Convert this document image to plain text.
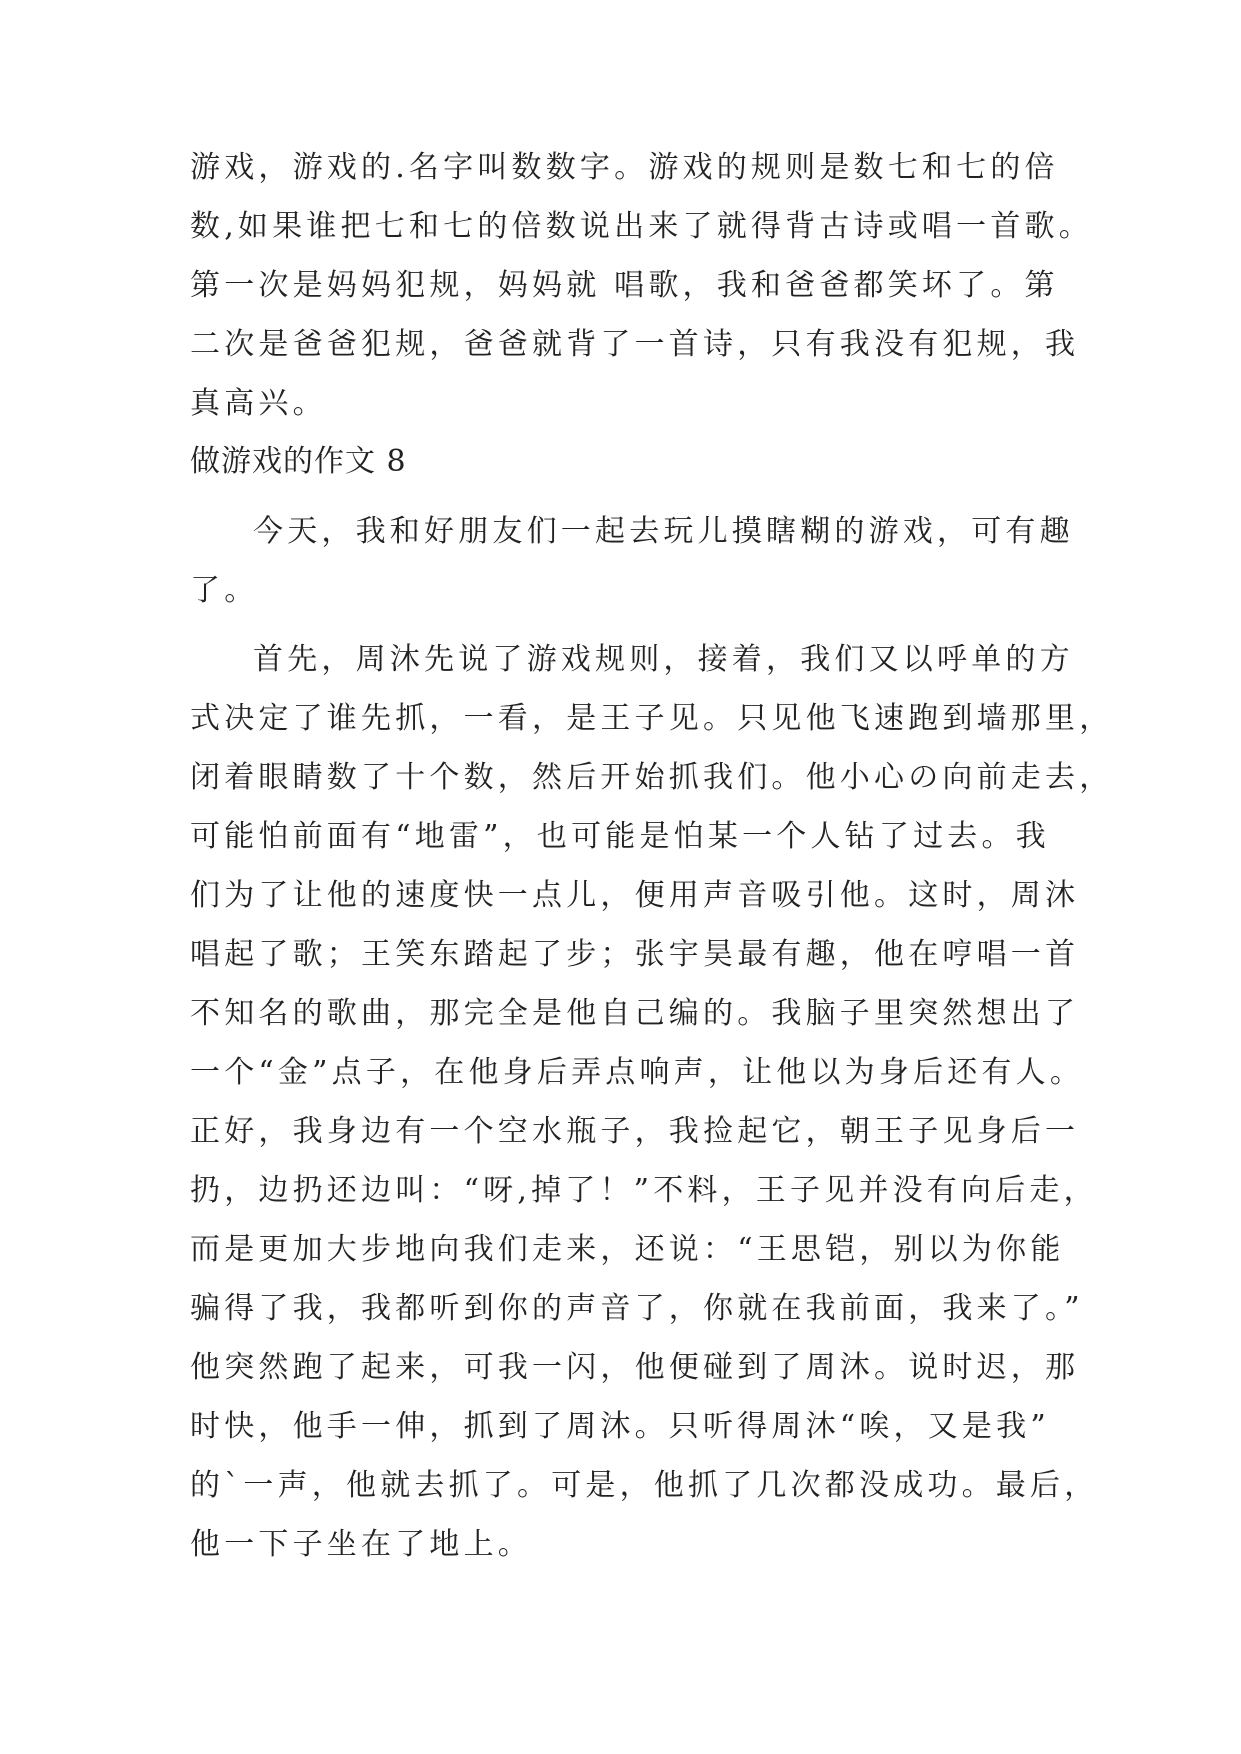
游戏，游戏的.名字叫数数字。游戏的规则是数七和七的倍
数,如果谁把七和七的倍数说出来了就得背古诗或唱一首歌。
第一次是妈妈犯规，妈妈就 唱歌，我和爸爸都笑坏了。第
二次是爸爸犯规，爸爸就背了一首诗，只有我没有犯规，我
真高兴。
做游戏的作文 8
今天，我和好朋友们一起去玩儿摸瞎糊的游戏，可有趣
了。
首先，周沐先说了游戏规则，接着，我们又以呼单的方
式决定了谁先抓，一看，是王子见。只见他飞速跑到墙那里，
闭着眼睛数了十个数，然后开始抓我们。他小心の向前走去，
可能怕前面有“地雷”，也可能是怕某一个人钻了过去。我
们为了让他的速度快一点儿，便用声音吸引他。这时，周沐
唱起了歌；王笑东踏起了步；张宇昊最有趣，他在哼唱一首
不知名的歌曲，那完全是他自己编的。我脑子里突然想出了
一个“金”点子，在他身后弄点响声，让他以为身后还有人。
正好，我身边有一个空水瓶子，我捡起它，朝王子见身后一
扔，边扔还边叫：“呀,掉了！”不料，王子见并没有向后走，
而是更加大步地向我们走来，还说：“王思铠，别以为你能
骗得了我，我都听到你的声音了，你就在我前面，我来了。”
他突然跑了起来，可我一闪，他便碰到了周沐。说时迟，那
时快，他手一伸，抓到了周沐。只听得周沐“唉，又是我”
的`一声，他就去抓了。可是，他抓了几次都没成功。最后，
他一下子坐在了地上。
